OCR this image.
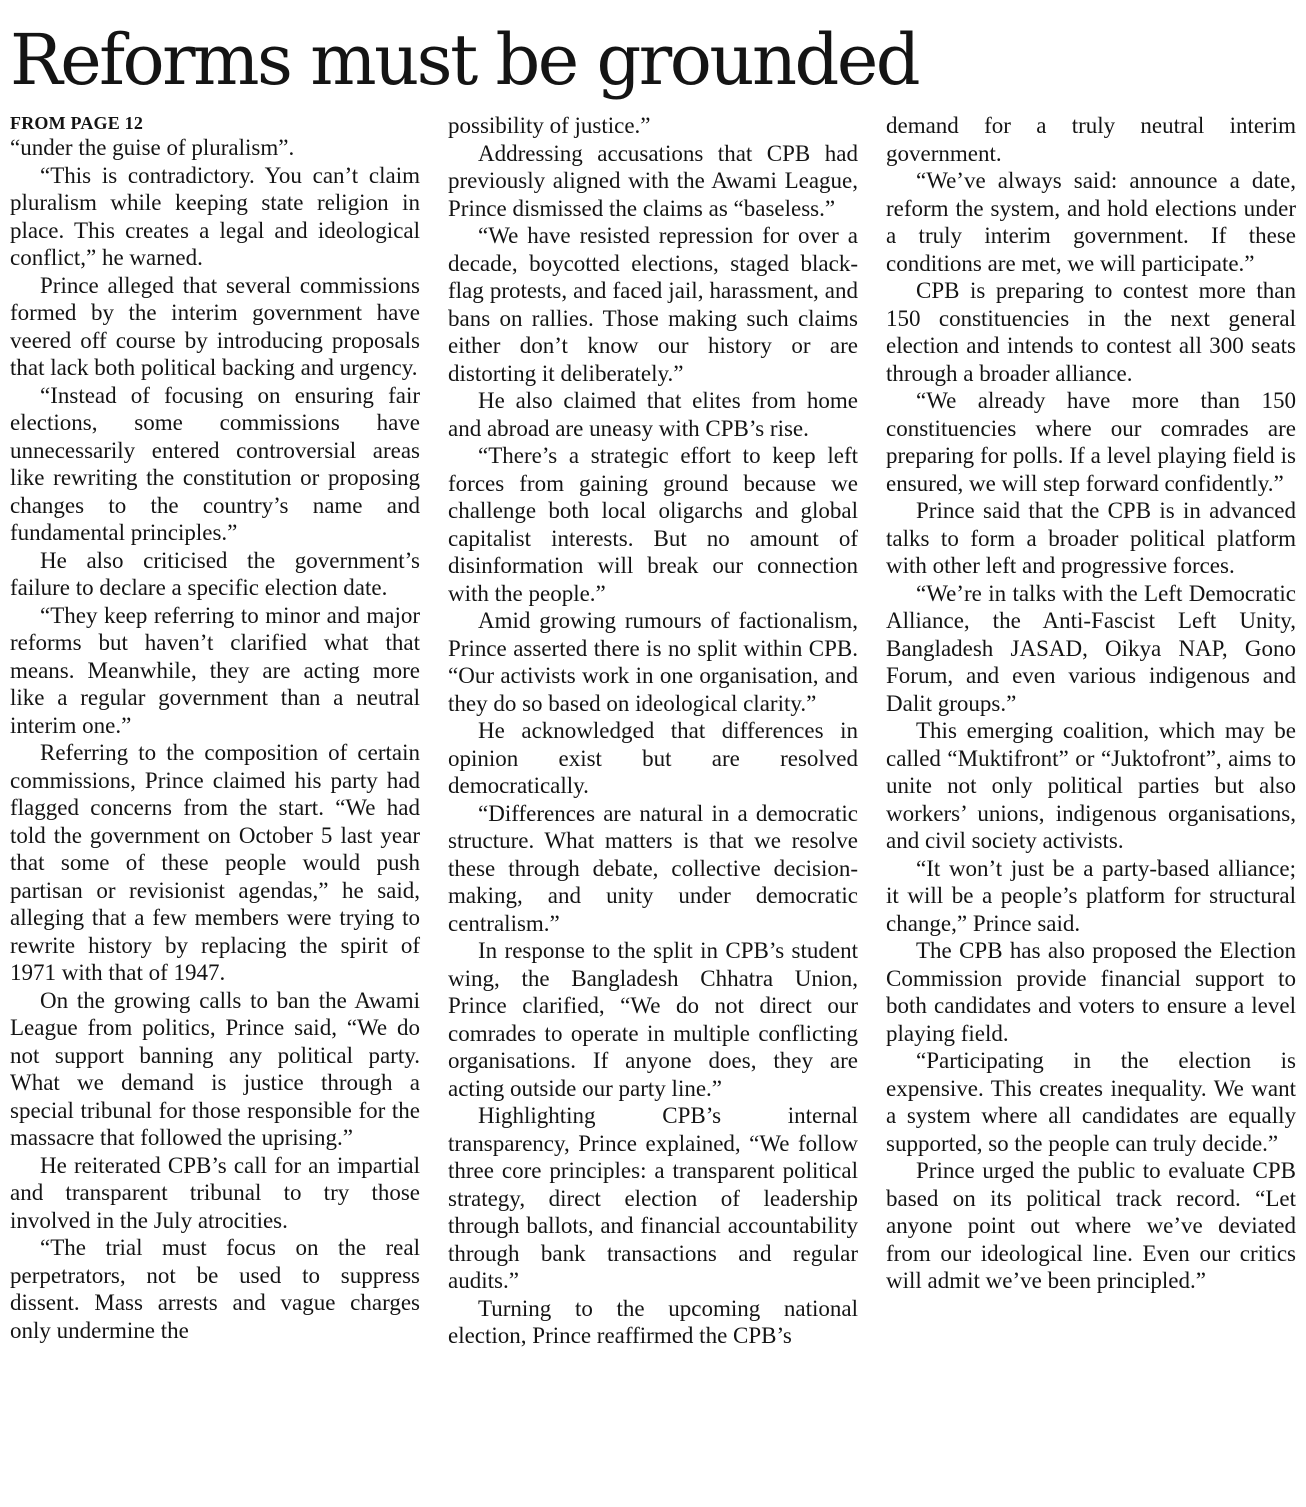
Reforms must be grounded
FROM PAGE 12

“under the guise of pluralism”.

“This is contradictory. You can’t claim pluralism while keeping state religion in place. This creates a legal and ideological conflict,” he warned.

Prince alleged that several commissions formed by the interim government have veered off course by introducing proposals that lack both political backing and urgency.

“Instead of focusing on ensuring fair elections, some commissions have unnecessarily entered controversial areas like rewriting the constitution or proposing changes to the country’s name and fundamental principles.”

He also criticised the government’s failure to declare a specific election date.

“They keep referring to minor and major reforms but haven’t clarified what that means. Meanwhile, they are acting more like a regular government than a neutral interim one.”

Referring to the composition of certain commissions, Prince claimed his party had flagged concerns from the start. “We had told the government on October 5 last year that some of these people would push partisan or revisionist agendas,” he said, alleging that a few members were trying to rewrite history by replacing the spirit of 1971 with that of 1947.

On the growing calls to ban the Awami League from politics, Prince said, “We do not support banning any political party. What we demand is justice through a special tribunal for those responsible for the massacre that followed the uprising.”

He reiterated CPB’s call for an impartial and transparent tribunal to try those involved in the July atrocities.

“The trial must focus on the real perpetrators, not be used to suppress dissent. Mass arrests and vague charges only undermine the

possibility of justice.”

Addressing accusations that CPB had previously aligned with the Awami League, Prince dismissed the claims as “baseless.”

“We have resisted repression for over a decade, boycotted elections, staged black-flag protests, and faced jail, harassment, and bans on rallies. Those making such claims either don’t know our history or are distorting it deliberately.”

He also claimed that elites from home and abroad are uneasy with CPB’s rise.

“There’s a strategic effort to keep left forces from gaining ground because we challenge both local oligarchs and global capitalist interests. But no amount of disinformation will break our connection with the people.”

Amid growing rumours of factionalism, Prince asserted there is no split within CPB. “Our activists work in one organisation, and they do so based on ideological clarity.”

He acknowledged that differences in opinion exist but are resolved democratically.

“Differences are natural in a democratic structure. What matters is that we resolve these through debate, collective decision-making, and unity under democratic centralism.”

In response to the split in CPB’s student wing, the Bangladesh Chhatra Union, Prince clarified, “We do not direct our comrades to operate in multiple conflicting organisations. If anyone does, they are acting outside our party line.”

Highlighting CPB’s internal transparency, Prince explained, “We follow three core principles: a transparent political strategy, direct election of leadership through ballots, and financial accountability through bank transactions and regular audits.”

Turning to the upcoming national election, Prince reaffirmed the CPB’s

demand for a truly neutral interim government.

“We’ve always said: announce a date, reform the system, and hold elections under a truly interim government. If these conditions are met, we will participate.”

CPB is preparing to contest more than 150 constituencies in the next general election and intends to contest all 300 seats through a broader alliance.

“We already have more than 150 constituencies where our comrades are preparing for polls. If a level playing field is ensured, we will step forward confidently.”

Prince said that the CPB is in advanced talks to form a broader political platform with other left and progressive forces.

“We’re in talks with the Left Democratic Alliance, the Anti-Fascist Left Unity, Bangladesh JASAD, Oikya NAP, Gono Forum, and even various indigenous and Dalit groups.”

This emerging coalition, which may be called “Muktifront” or “Juktofront”, aims to unite not only political parties but also workers’ unions, indigenous organisations, and civil society activists.

“It won’t just be a party-based alliance; it will be a people’s platform for structural change,” Prince said.

The CPB has also proposed the Election Commission provide financial support to both candidates and voters to ensure a level playing field.

“Participating in the election is expensive. This creates inequality. We want a system where all candidates are equally supported, so the people can truly decide.”

Prince urged the public to evaluate CPB based on its political track record. “Let anyone point out where we’ve deviated from our ideological line. Even our critics will admit we’ve been principled.”
